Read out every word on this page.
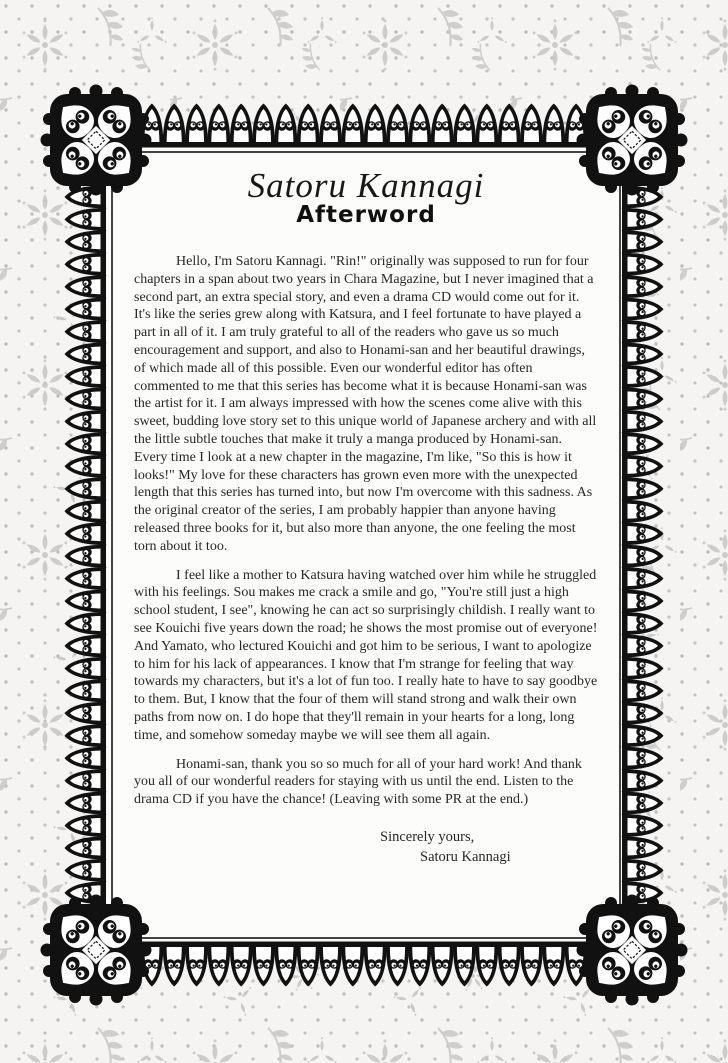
Satoru Kannagi
Afterword

Hello, I'm Satoru Kannagi. "Rin!" originally was supposed to run for four chapters in a span about two years in Chara Magazine, but I never imagined that a second part, an extra special story, and even a drama CD would come out for it. It's like the series grew along with Katsura, and I feel fortunate to have played a part in all of it. I am truly grateful to all of the readers who gave us so much encouragement and support, and also to Honami-san and her beautiful drawings, of which made all of this possible. Even our wonderful editor has often commented to me that this series has become what it is because Honami-san was the artist for it. I am always impressed with how the scenes come alive with this sweet, budding love story set to this unique world of Japanese archery and with all the little subtle touches that make it truly a manga produced by Honami-san. Every time I look at a new chapter in the magazine, I'm like, "So this is how it looks!" My love for these characters has grown even more with the unexpected length that this series has turned into, but now I'm overcome with this sadness. As the original creator of the series, I am probably happier than anyone having released three books for it, but also more than anyone, the one feeling the most torn about it too.

I feel like a mother to Katsura having watched over him while he struggled with his feelings. Sou makes me crack a smile and go, "You're still just a high school student, I see", knowing he can act so surprisingly childish. I really want to see Kouichi five years down the road; he shows the most promise out of everyone! And Yamato, who lectured Kouichi and got him to be serious, I want to apologize to him for his lack of appearances. I know that I'm strange for feeling that way towards my characters, but it's a lot of fun too. I really hate to have to say goodbye to them. But, I know that the four of them will stand strong and walk their own paths from now on. I do hope that they'll remain in your hearts for a long, long time, and somehow someday maybe we will see them all again.

Honami-san, thank you so so much for all of your hard work! And thank you all of our wonderful readers for staying with us until the end. Listen to the drama CD if you have the chance! (Leaving with some PR at the end.)

Sincerely yours,
Satoru Kannagi
